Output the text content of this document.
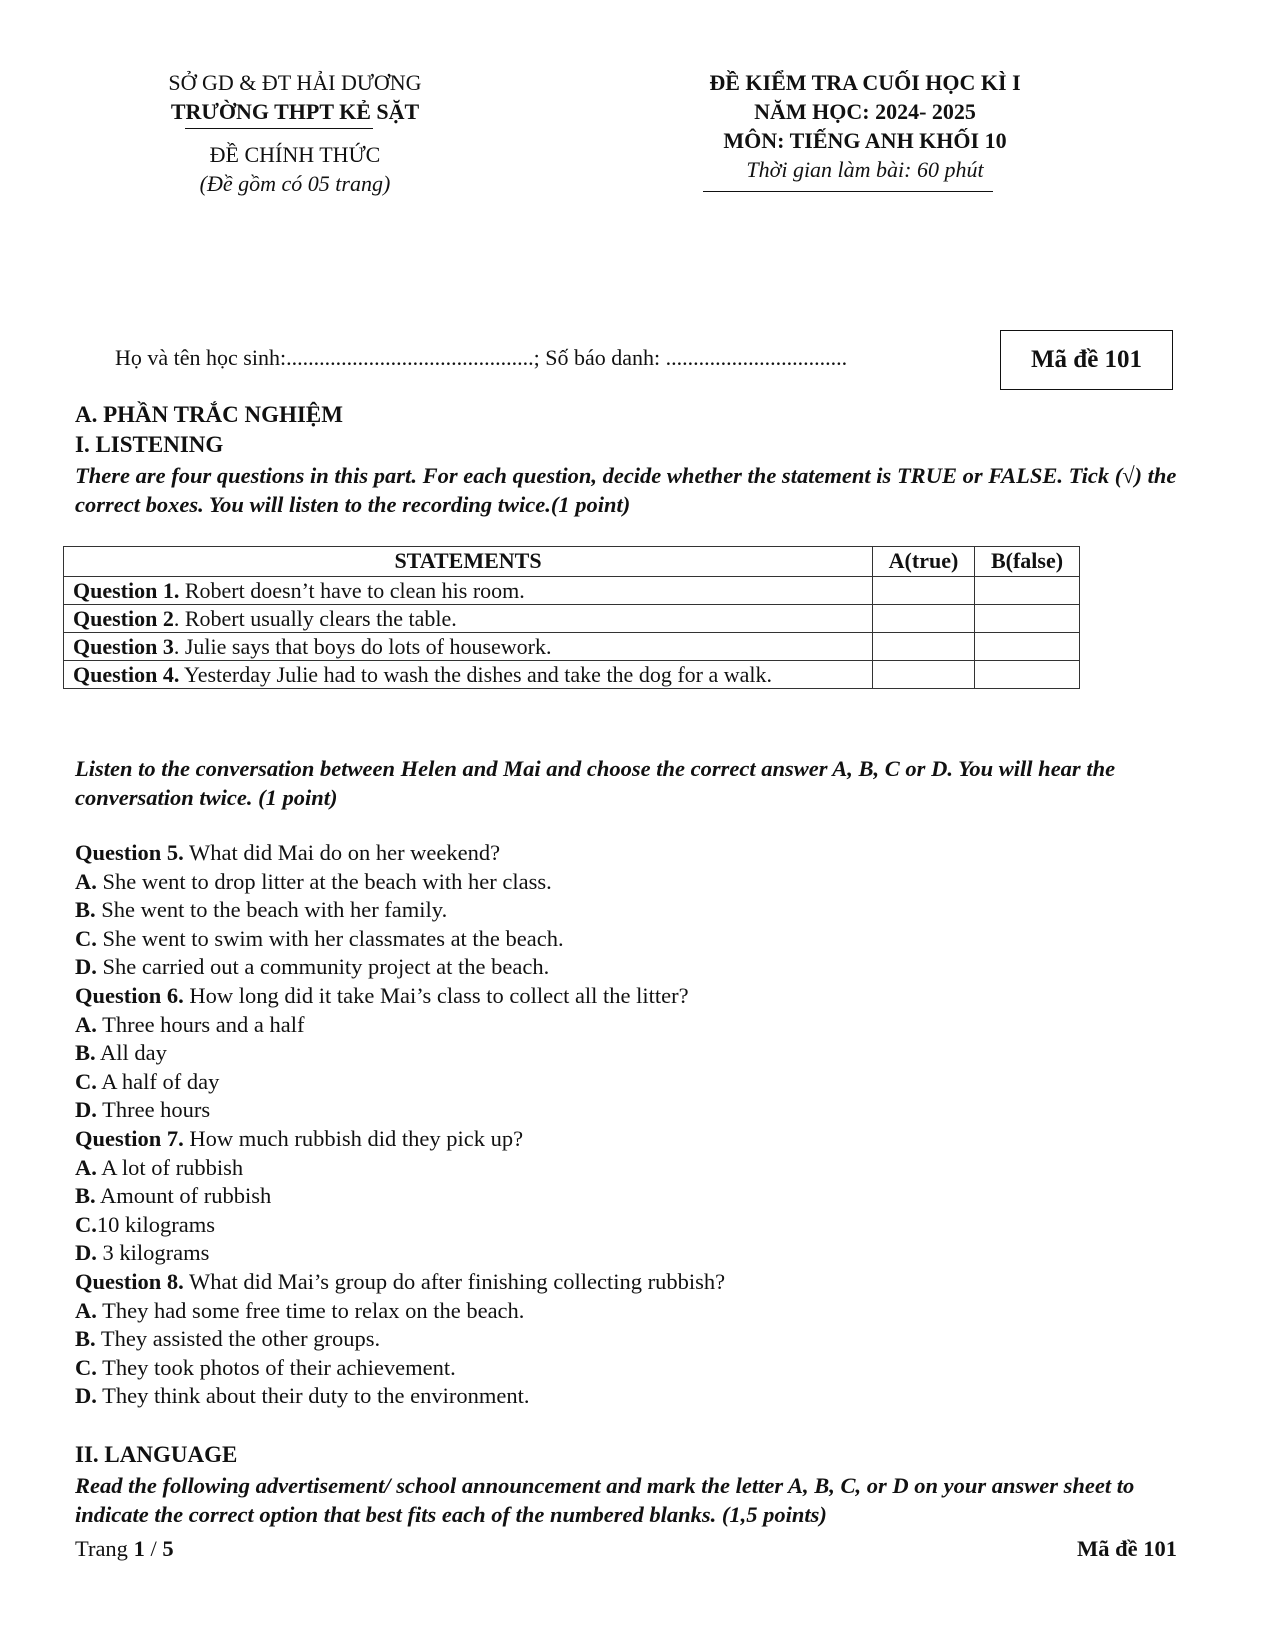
SỞ GD & ĐT HẢI DƯƠNG
TRƯỜNG THPT KẺ SẶT
ĐỀ CHÍNH THỨC
(Đề gồm có 05 trang)
ĐỀ KIỂM TRA CUỐI HỌC KÌ I
NĂM HỌC: 2024- 2025
MÔN: TIẾNG ANH KHỐI 10
Thời gian làm bài: 60 phút
Họ và tên học sinh:.............................................; Số báo danh: .................................	Mã đề 101
A. PHẦN TRẮC NGHIỆM
I. LISTENING
There are four questions in this part. For each question, decide whether the statement is TRUE or FALSE. Tick (√) the correct boxes. You will listen to the recording twice.(1 point)
STATEMENTS	A(true)	B(false)
Question 1. Robert doesn’t have to clean his room.		
Question 2. Robert usually clears the table.		
Question 3. Julie says that boys do lots of housework.		
Question 4. Yesterday Julie had to wash the dishes and take the dog for a walk.		
Listen to the conversation between Helen and Mai and choose the correct answer A, B, C or D. You will hear the conversation twice. (1 point)
Question 5. What did Mai do on her weekend?
A. She went to drop litter at the beach with her class.
B. She went to the beach with her family.
C. She went to swim with her classmates at the beach.
D. She carried out a community project at the beach.
Question 6. How long did it take Mai’s class to collect all the litter?
A. Three hours and a half
B. All day
C. A half of day
D. Three hours
Question 7. How much rubbish did they pick up?
A. A lot of rubbish
B. Amount of rubbish
C.10 kilograms
D. 3 kilograms
Question 8. What did Mai’s group do after finishing collecting rubbish?
A. They had some free time to relax on the beach.
B. They assisted the other groups.
C. They took photos of their achievement.
D. They think about their duty to the environment.
II. LANGUAGE
Read the following advertisement/ school announcement and mark the letter A, B, C, or D on your answer sheet to indicate the correct option that best fits each of the numbered blanks. (1,5 points)
Trang 1 / 5	Mã đề 101
